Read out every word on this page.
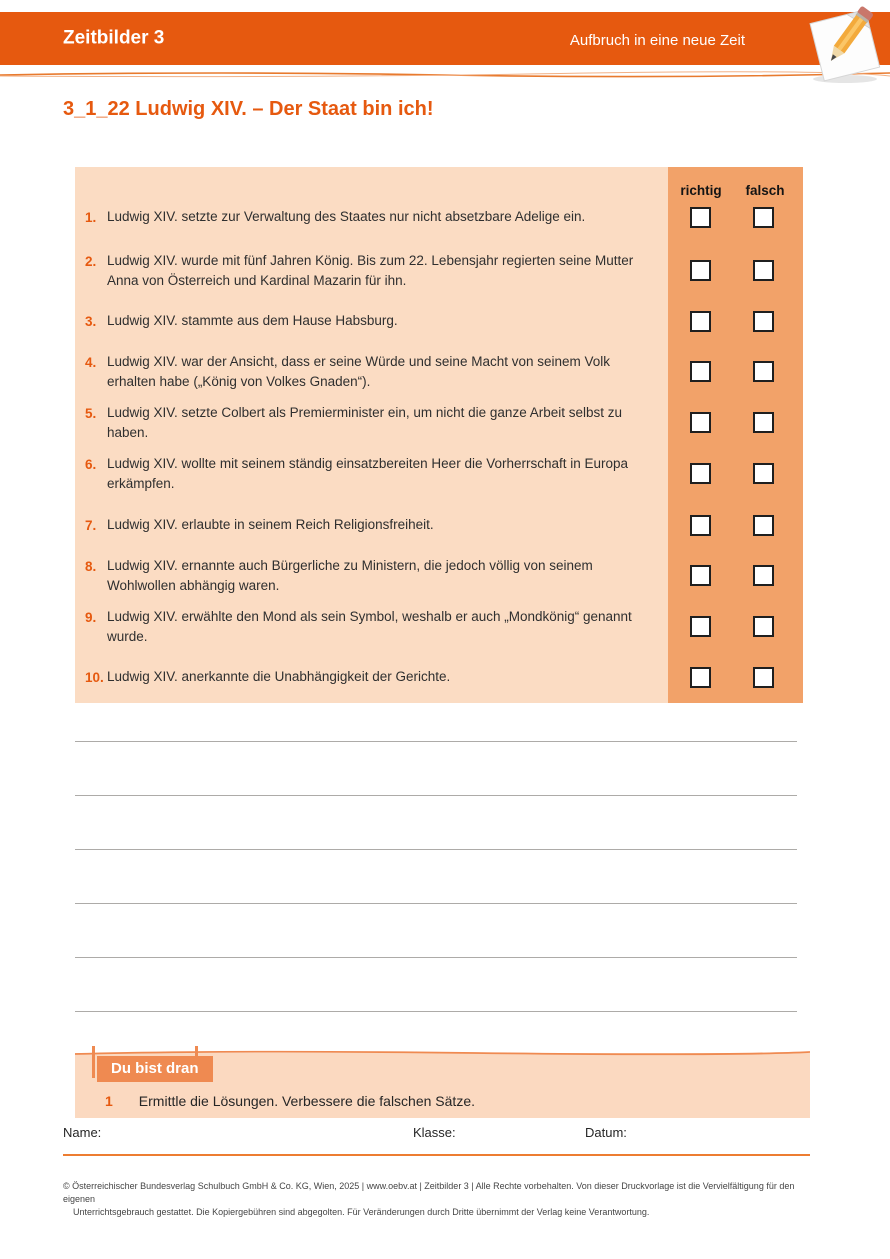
Zeitbilder 3	Aufbruch in eine neue Zeit
3_1_22 Ludwig XIV. – Der Staat bin ich!
richtig	falsch
1. Ludwig XIV. setzte zur Verwaltung des Staates nur nicht absetzbare Adelige ein.
2. Ludwig XIV. wurde mit fünf Jahren König. Bis zum 22. Lebensjahr regierten seine Mutter Anna von Österreich und Kardinal Mazarin für ihn.
3. Ludwig XIV. stammte aus dem Hause Habsburg.
4. Ludwig XIV. war der Ansicht, dass er seine Würde und seine Macht von seinem Volk erhalten habe („König von Volkes Gnaden“).
5. Ludwig XIV. setzte Colbert als Premierminister ein, um nicht die ganze Arbeit selbst zu haben.
6. Ludwig XIV. wollte mit seinem ständig einsatzbereiten Heer die Vorherrschaft in Europa erkämpfen.
7. Ludwig XIV. erlaubte in seinem Reich Religionsfreiheit.
8. Ludwig XIV. ernannte auch Bürgerliche zu Ministern, die jedoch völlig von seinem Wohlwollen abhängig waren.
9. Ludwig XIV. erwählte den Mond als sein Symbol, weshalb er auch „Mondkönig“ genannt wurde.
10. Ludwig XIV. anerkannte die Unabhängigkeit der Gerichte.
Du bist dran
1 Ermittle die Lösungen. Verbessere die falschen Sätze.
Name:	Klasse:	Datum:
© Österreichischer Bundesverlag Schulbuch GmbH & Co. KG, Wien, 2025 | www.oebv.at | Zeitbilder 3 | Alle Rechte vorbehalten. Von dieser Druckvorlage ist die Vervielfältigung für den eigenen
Unterrichtsgebrauch gestattet. Die Kopiergebühren sind abgegolten. Für Veränderungen durch Dritte übernimmt der Verlag keine Verantwortung.
